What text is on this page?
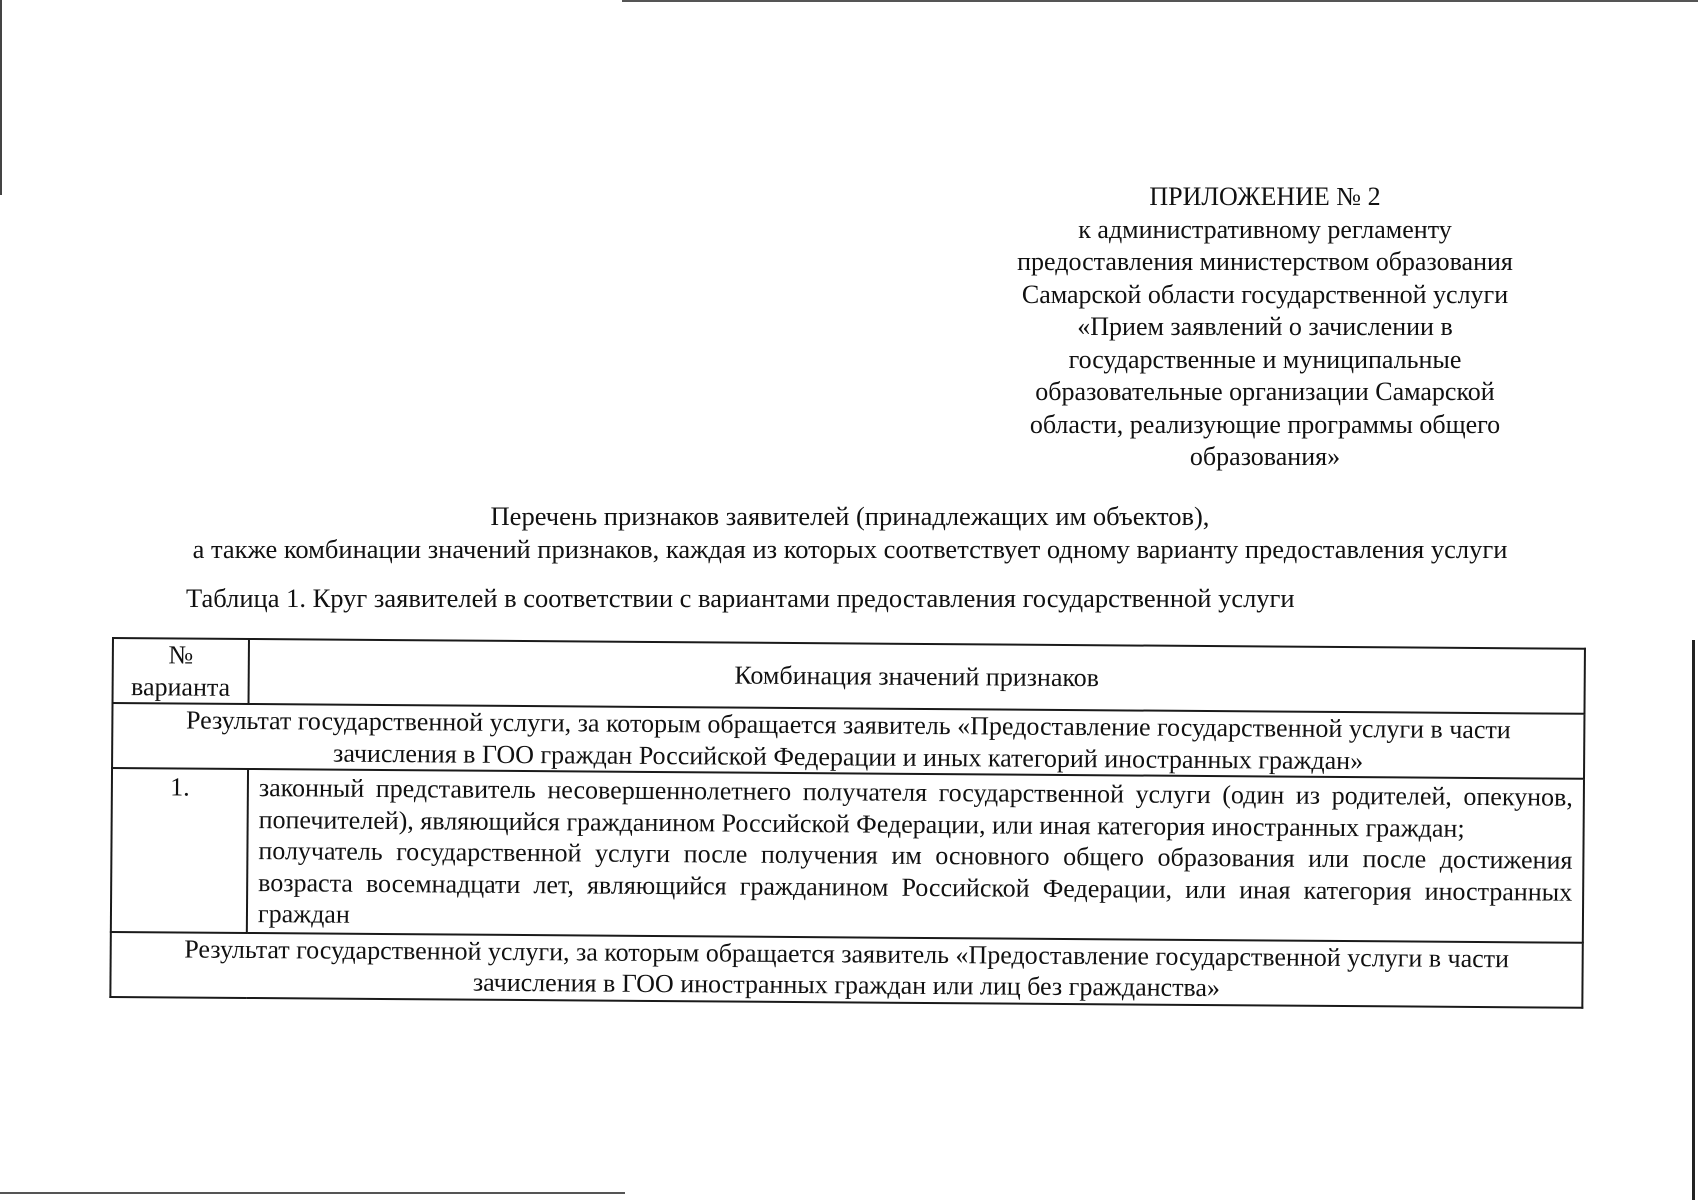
ПРИЛОЖЕНИЕ № 2
к административному регламенту
предоставления министерством образования
Самарской области государственной услуги
«Прием заявлений о зачислении в
государственные и муниципальные
образовательные организации Самарской
области, реализующие программы общего
образования»
Перечень признаков заявителей (принадлежащих им объектов),
а также комбинации значений признаков, каждая из которых соответствует одному варианту предоставления услуги
Таблица 1. Круг заявителей в соответствии с вариантами предоставления государственной услуги
№ варианта	Комбинация значений признаков
Результат государственной услуги, за которым обращается заявитель «Предоставление государственной услуги в части зачисления в ГОО граждан Российской Федерации и иных категорий иностранных граждан»	
1.	законный представитель несовершеннолетнего получателя государственной услуги (один из родителей, опекунов, попечителей), являющийся гражданином Российской Федерации, или иная категория иностранных граждан;

получатель государственной услуги после получения им основного общего образования или после достижения возраста восемнадцати лет, являющийся гражданином Российской Федерации, или иная категория иностранных граждан

Результат государственной услуги, за которым обращается заявитель «Предоставление государственной услуги в части зачисления в ГОО иностранных граждан или лиц без гражданства»	
